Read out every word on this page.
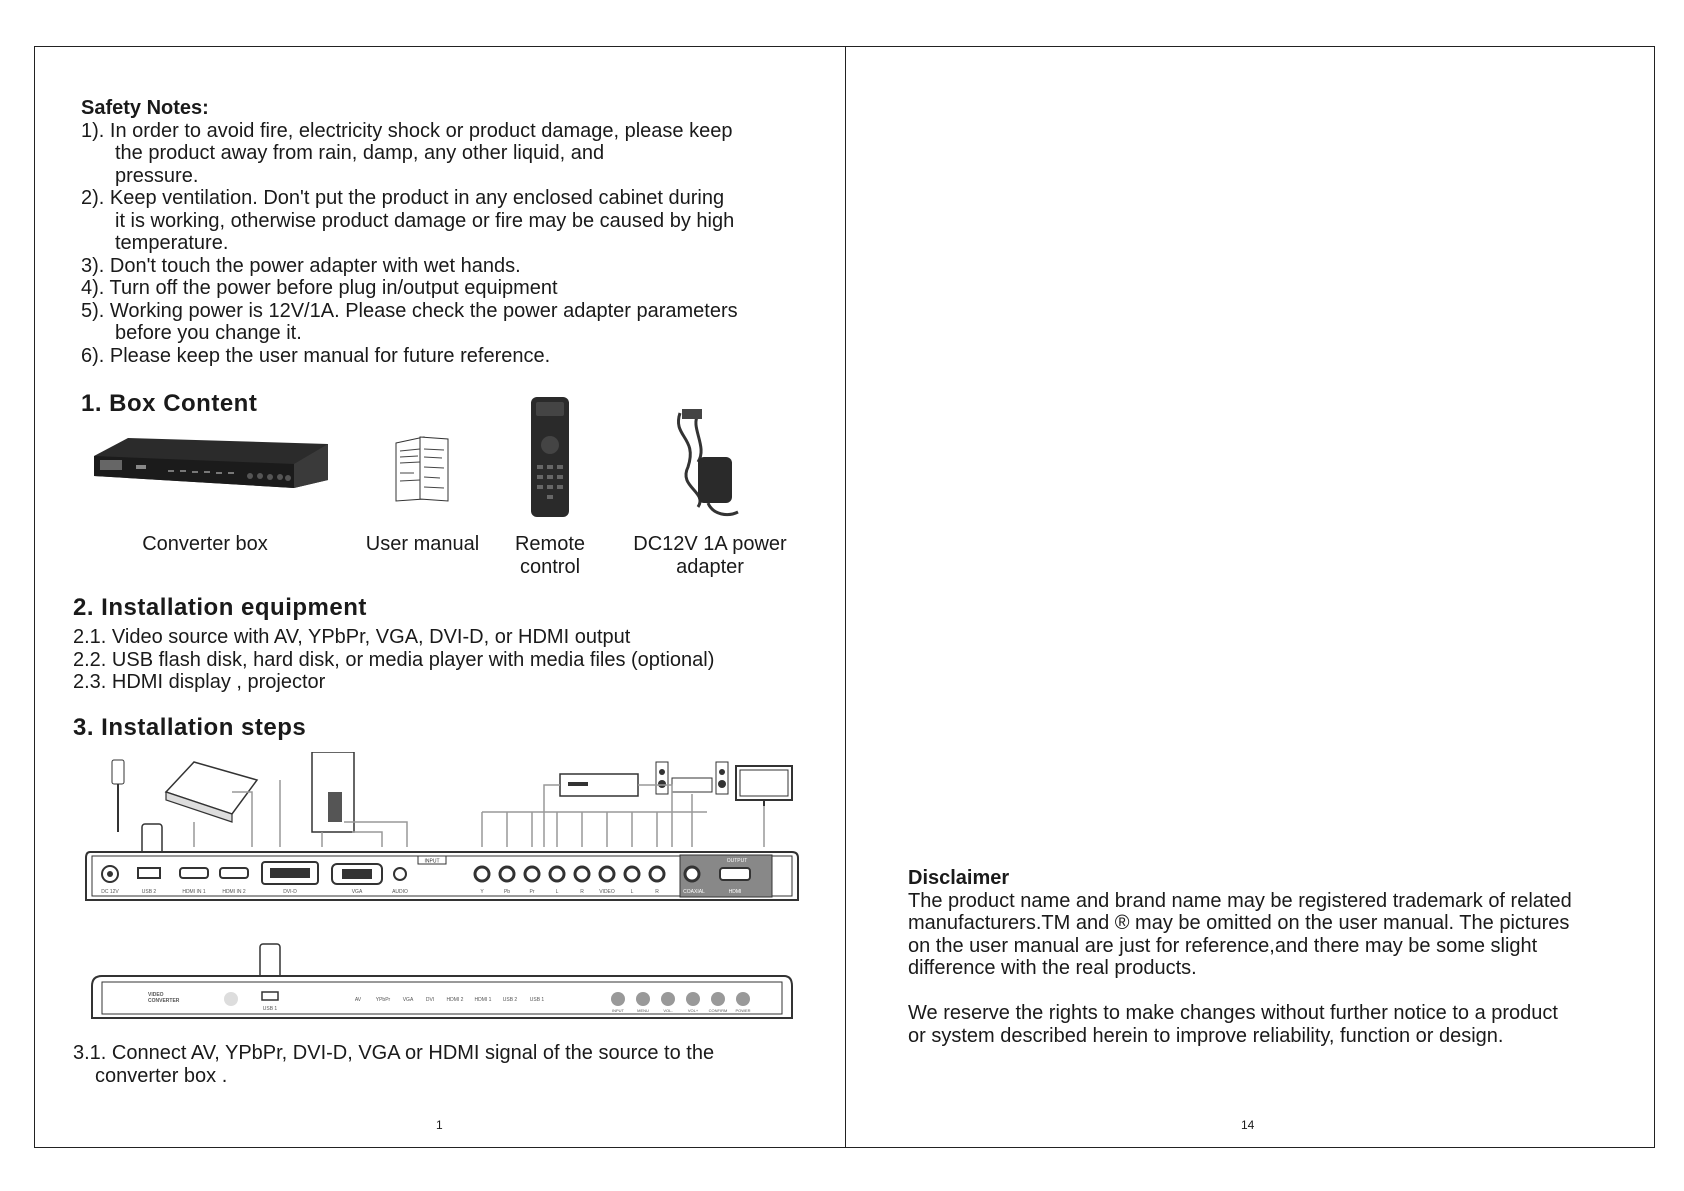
Safety Notes:
1). In order to avoid fire, electricity shock or product damage, please keep
the product away from rain, damp, any other liquid, and
pressure.
2). Keep ventilation. Don't put the product in any enclosed cabinet during
it is working, otherwise product damage or fire may be caused by high
temperature.
3). Don't touch the power adapter with wet hands.
4). Turn off the power before plug in/output equipment
5). Working power is 12V/1A. Please check the power adapter parameters
before you change it.
6). Please keep the user manual for future reference.
1. Box Content
Converter box	User manual	Remote
control
DC12V 1A power
adapter
2. Installation equipment
2.1. Video source with AV, YPbPr, VGA, DVI-D, or HDMI output
2.2. USB flash disk, hard disk, or media player with media files (optional)
2.3. HDMI display , projector
3. Installation steps
INPUT	OUTPUT
DC 12V	USB 2	HDMI IN 1	HDMI IN 2	DVI-D	VGA	AUDIO	Y	Pb	Pr	L	R	VIDEO	L	R	COAXIAL	HDMI
VIDEO
CONVERTER
USB 1
AV	YPbPr VGA	DVI HDMI 2 HDMI 1 USB 2	USB 1
INPUT	MENU	VOL-	VOL+	CONFIRM POWER
3.1. Connect AV, YPbPr, DVI-D, VGA or HDMI signal of the source to the
converter box .
1
Disclaimer
The product name and brand name may be registered trademark of related
manufacturers.TM and ® may be omitted on the user manual. The pictures
on the user manual are just for reference,and there may be some slight
difference with the real products.
We reserve the rights to make changes without further notice to a product
or system described herein to improve reliability, function or design.
14
